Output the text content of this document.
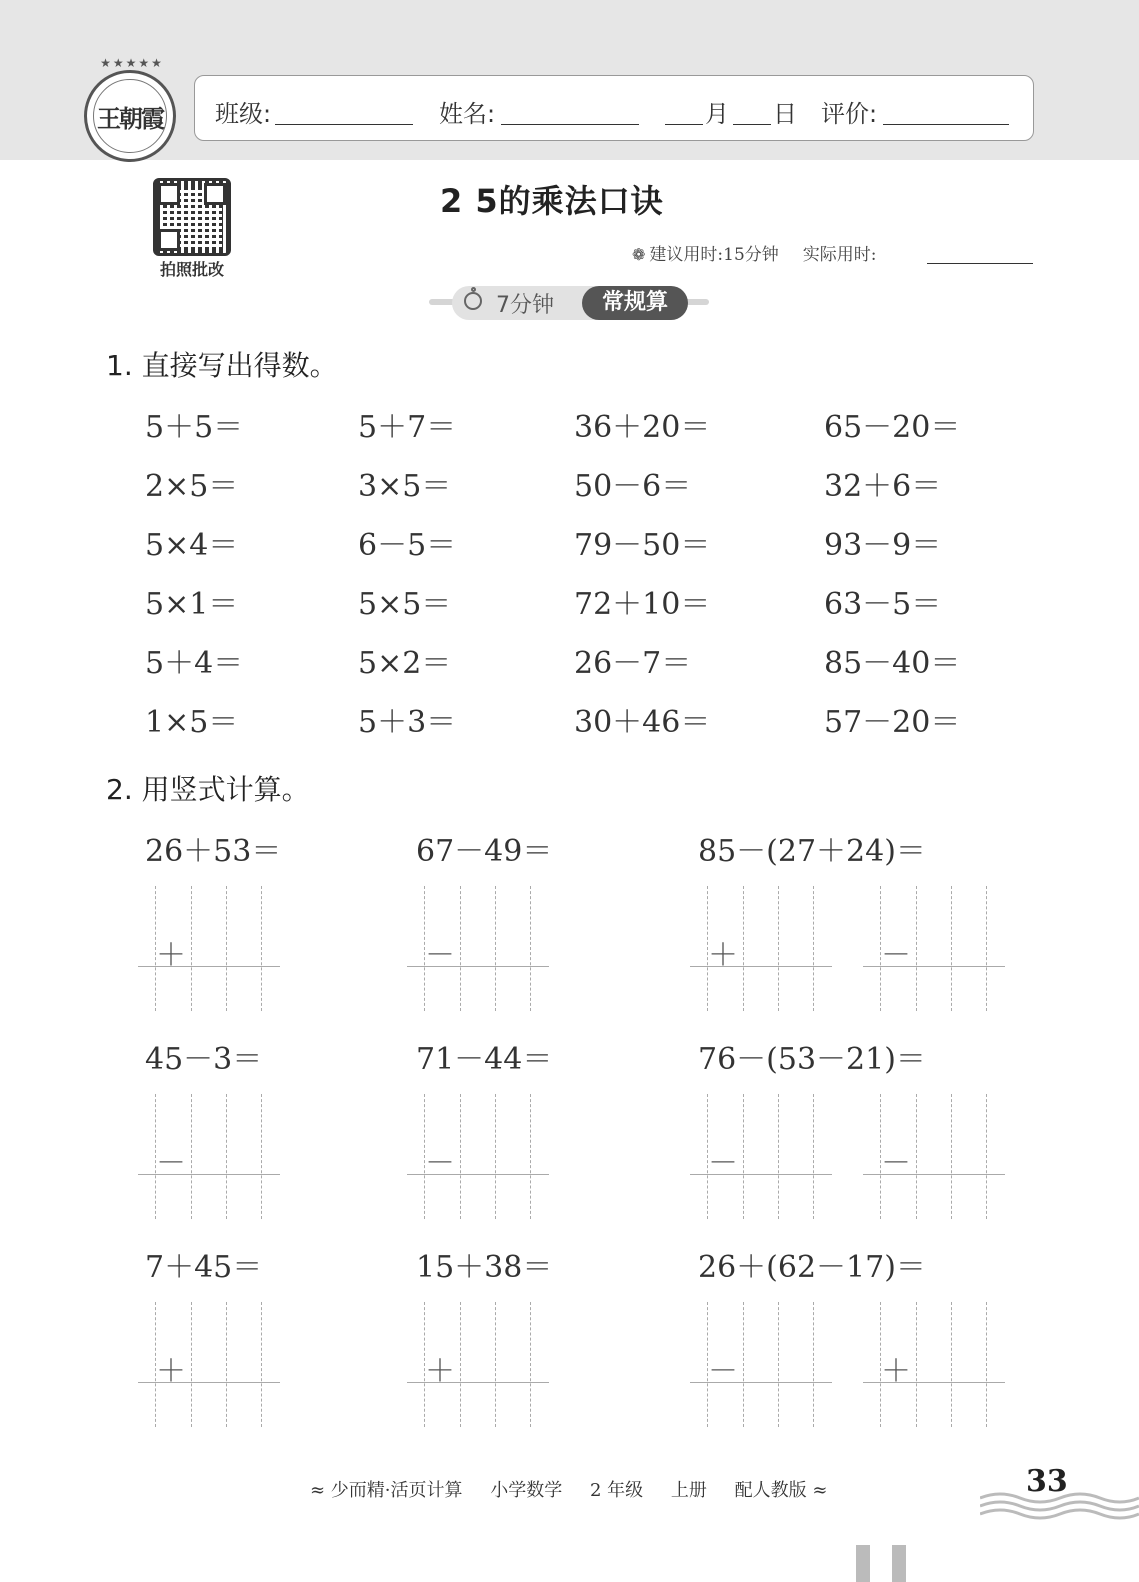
★★★★★
王朝霞 班级:	姓名:	月 日 评价:
拍照批改
2 5的乘法口诀
❁ 建议用时:15分钟 实际用时:
7分钟	常规算
1. 直接写出得数。
5＋5＝	5＋7＝	36＋20＝	65－20＝
2×5＝	3×5＝	50－6＝	32＋6＝
5×4＝	6－5＝	79－50＝	93－9＝
5×1＝	5×5＝	72＋10＝	63－5＝
5＋4＝	5×2＝	26－7＝	85－40＝
1×5＝	5＋3＝	30＋46＝	57－20＝
2. 用竖式计算。
26＋53＝	67－49＝	85－(27＋24)＝
＋	－	＋	－
45－3＝	71－44＝	76－(53－21)＝
－	－	－	－
7＋45＝	15＋38＝	26＋(62－17)＝
＋	＋	－	＋
≈ 少而精·活页计算 小学数学 2 年级 上册 配人教版 ≈	33
